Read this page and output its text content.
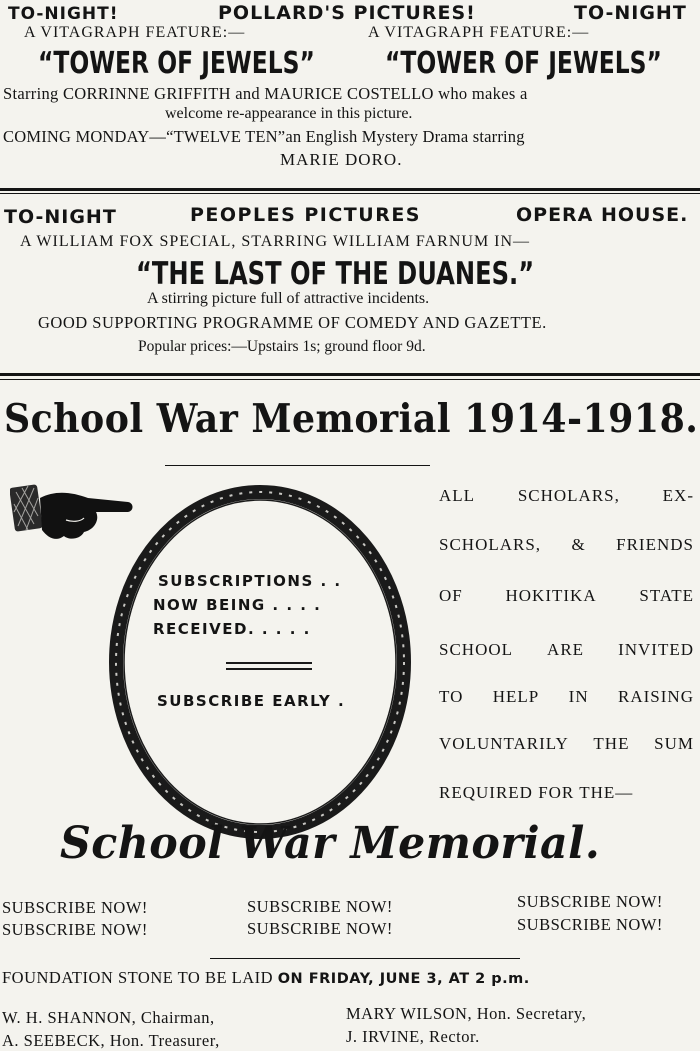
TO-NIGHT!	POLLARD'S PICTURES!	TO-NIGHT
A VITAGRAPH FEATURE:—	A VITAGRAPH FEATURE:—
“TOWER OF JEWELS” “TOWER OF JEWELS”
Starring CORRINNE GRIFFITH and MAURICE COSTELLO who makes a
welcome re-appearance in this picture.
COMING MONDAY—“TWELVE TEN”an English Mystery Drama starring
MARIE DORO.
TO-NIGHT	PEOPLES PICTURES	OPERA HOUSE.
A WILLIAM FOX SPECIAL, STARRING WILLIAM FARNUM IN—
“THE LAST OF THE DUANES.”
A stirring picture full of attractive incidents.
GOOD SUPPORTING PROGRAMME OF COMEDY AND GAZETTE.
Popular prices:—Upstairs 1s; ground floor 9d.
School War Memorial 1914-1918.
SUBSCRIPTIONS . .
NOW BEING . . . .
RECEIVED. . . . .
SUBSCRIBE EARLY .
ALL	SCHOLARS,	EX-
SCHOLARS, & FRIENDS
OF	HOKITIKA	STATE
SCHOOL ARE INVITED
TO HELP IN RAISING
VOLUNTARILY THE SUM
REQUIRED FOR THE—
School War Memorial.
SUBSCRIBE NOW!
SUBSCRIBE NOW!
SUBSCRIBE NOW!
SUBSCRIBE NOW!
SUBSCRIBE NOW!
SUBSCRIBE NOW!
FOUNDATION STONE TO BE LAID ON FRIDAY, JUNE 3, AT 2 p.m.
W. H. SHANNON, Chairman,
A. SEEBECK, Hon. Treasurer,
MARY WILSON, Hon. Secretary,
J. IRVINE, Rector.
